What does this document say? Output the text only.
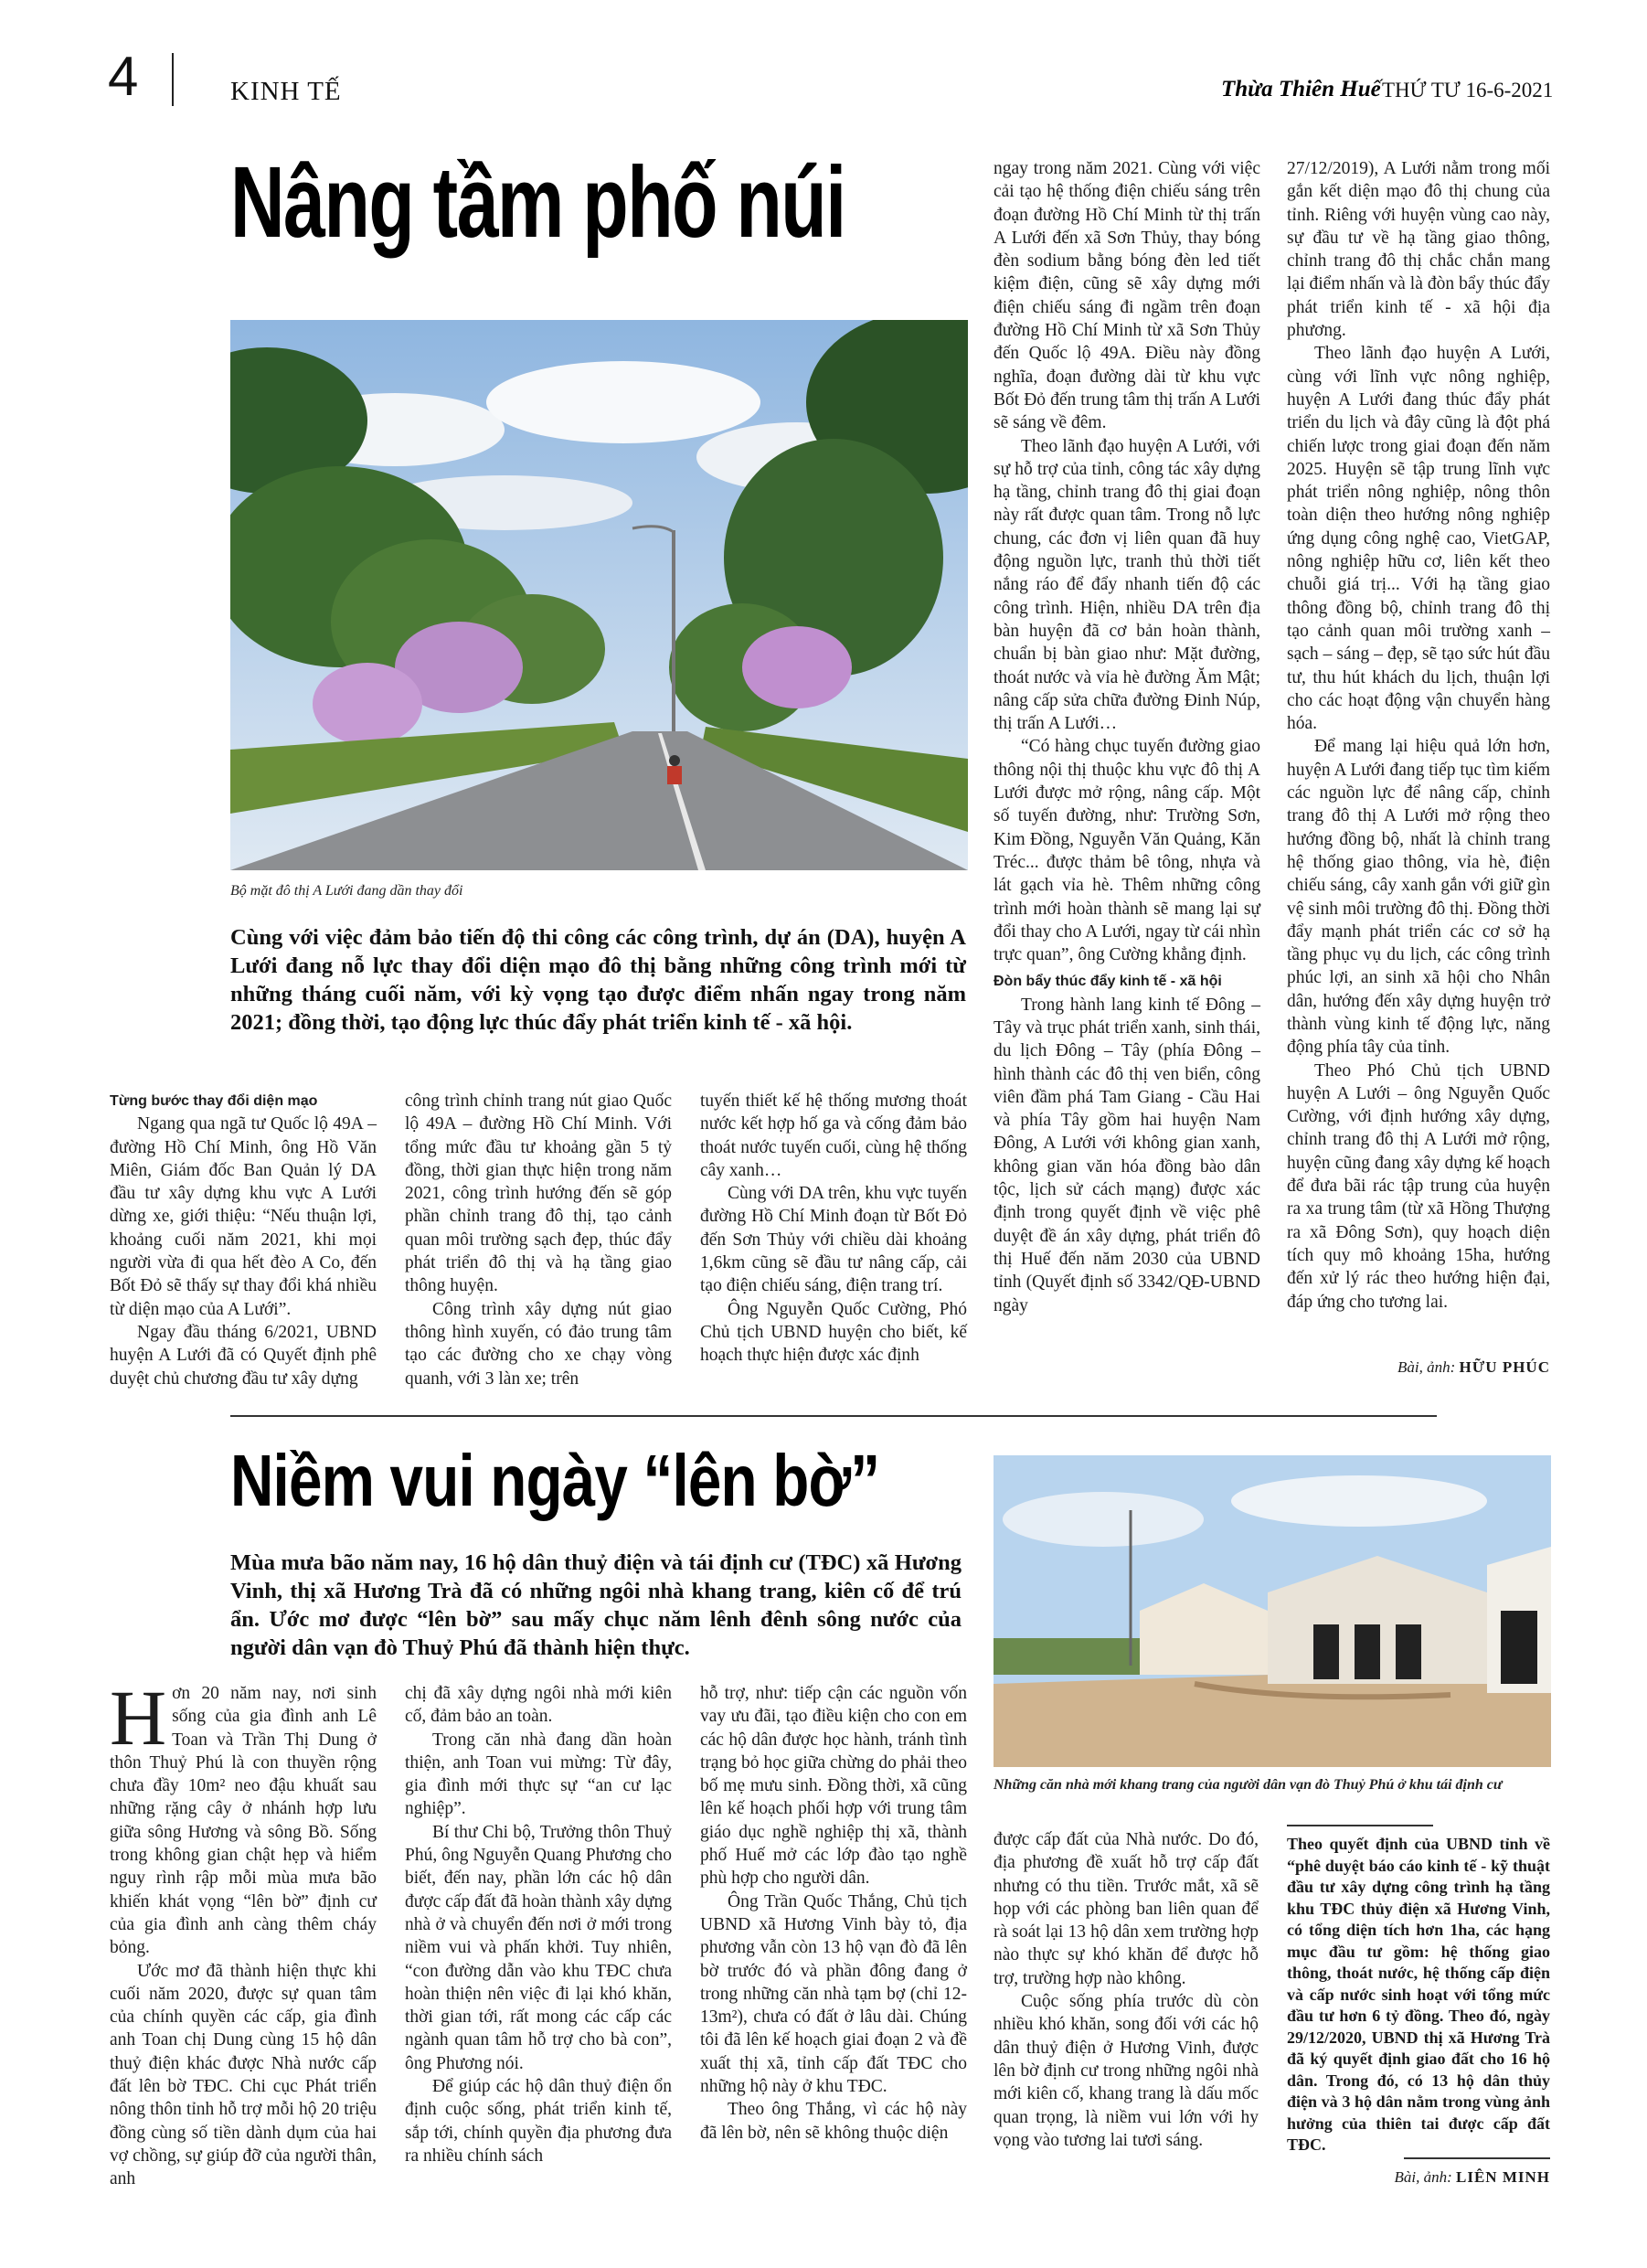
4	KINH TẾ	Thừa Thiên Huế THỨ TƯ 16-6-2021
Nâng tầm phố núi
Bộ mặt đô thị A Lưới đang dần thay đổi
Cùng với việc đảm bảo tiến độ thi công các công trình, dự án (DA), huyện A Lưới đang nỗ lực thay đổi diện mạo đô thị bằng những công trình mới từ những tháng cuối năm, với kỳ vọng tạo được điểm nhấn ngay trong năm 2021; đồng thời, tạo động lực thúc đẩy phát triển kinh tế - xã hội.

Từng bước thay đổi diện mạo

Ngang qua ngã tư Quốc lộ 49A – đường Hồ Chí Minh, ông Hồ Văn Miên, Giám đốc Ban Quản lý DA đầu tư xây dựng khu vực A Lưới dừng xe, giới thiệu: “Nếu thuận lợi, khoảng cuối năm 2021, khi mọi người vừa đi qua hết đèo A Co, đến Bốt Đỏ sẽ thấy sự thay đổi khá nhiều từ diện mạo của A Lưới”.

Ngay đầu tháng 6/2021, UBND huyện A Lưới đã có Quyết định phê duyệt chủ chương đầu tư xây dựng

công trình chỉnh trang nút giao Quốc lộ 49A – đường Hồ Chí Minh. Với tổng mức đầu tư khoảng gần 5 tỷ đồng, thời gian thực hiện trong năm 2021, công trình hướng đến sẽ góp phần chỉnh trang đô thị, tạo cảnh quan môi trường sạch đẹp, thúc đẩy phát triển đô thị và hạ tầng giao thông huyện.

Công trình xây dựng nút giao thông hình xuyến, có đảo trung tâm tạo các đường cho xe chạy vòng quanh, với 3 làn xe; trên

tuyến thiết kế hệ thống mương thoát nước kết hợp hố ga và cống đảm bảo thoát nước tuyến cuối, cùng hệ thống cây xanh…

Cùng với DA trên, khu vực tuyến đường Hồ Chí Minh đoạn từ Bốt Đỏ đến Sơn Thủy với chiều dài khoảng 1,6km cũng sẽ đầu tư nâng cấp, cải tạo điện chiếu sáng, điện trang trí.

Ông Nguyễn Quốc Cường, Phó Chủ tịch UBND huyện cho biết, kế hoạch thực hiện được xác định

ngay trong năm 2021. Cùng với việc cải tạo hệ thống điện chiếu sáng trên đoạn đường Hồ Chí Minh từ thị trấn A Lưới đến xã Sơn Thủy, thay bóng đèn sodium bằng bóng đèn led tiết kiệm điện, cũng sẽ xây dựng mới điện chiếu sáng đi ngầm trên đoạn đường Hồ Chí Minh từ xã Sơn Thủy đến Quốc lộ 49A. Điều này đồng nghĩa, đoạn đường dài từ khu vực Bốt Đỏ đến trung tâm thị trấn A Lưới sẽ sáng về đêm.

Theo lãnh đạo huyện A Lưới, với sự hỗ trợ của tỉnh, công tác xây dựng hạ tầng, chỉnh trang đô thị giai đoạn này rất được quan tâm. Trong nỗ lực chung, các đơn vị liên quan đã huy động nguồn lực, tranh thủ thời tiết nắng ráo để đẩy nhanh tiến độ các công trình. Hiện, nhiều DA trên địa bàn huyện đã cơ bản hoàn thành, chuẩn bị bàn giao như: Mặt đường, thoát nước và vỉa hè đường Ăm Mật; nâng cấp sửa chữa đường Đinh Núp, thị trấn A Lưới…

“Có hàng chục tuyến đường giao thông nội thị thuộc khu vực đô thị A Lưới được mở rộng, nâng cấp. Một số tuyến đường, như: Trường Sơn, Kim Đồng, Nguyễn Văn Quảng, Kăn Tréc... được thảm bê tông, nhựa và lát gạch vỉa hè. Thêm những công trình mới hoàn thành sẽ mang lại sự đổi thay cho A Lưới, ngay từ cái nhìn trực quan”, ông Cường khẳng định.

Đòn bẩy thúc đẩy kinh tế - xã hội

Trong hành lang kinh tế Đông – Tây và trục phát triển xanh, sinh thái, du lịch Đông – Tây (phía Đông – hình thành các đô thị ven biển, công viên đầm phá Tam Giang - Cầu Hai và phía Tây gồm hai huyện Nam Đông, A Lưới với không gian xanh, không gian văn hóa đồng bào dân tộc, lịch sử cách mạng) được xác định trong quyết định về việc phê duyệt đề án xây dựng, phát triển đô thị Huế đến năm 2030 của UBND tỉnh (Quyết định số 3342/QĐ-UBND ngày

27/12/2019), A Lưới nằm trong mối gắn kết diện mạo đô thị chung của tỉnh. Riêng với huyện vùng cao này, sự đầu tư về hạ tầng giao thông, chỉnh trang đô thị chắc chắn mang lại điểm nhấn và là đòn bẩy thúc đẩy phát triển kinh tế - xã hội địa phương.

Theo lãnh đạo huyện A Lưới, cùng với lĩnh vực nông nghiệp, huyện A Lưới đang thúc đẩy phát triển du lịch và đây cũng là đột phá chiến lược trong giai đoạn đến năm 2025. Huyện sẽ tập trung lĩnh vực phát triển nông nghiệp, nông thôn toàn diện theo hướng nông nghiệp ứng dụng công nghệ cao, VietGAP, nông nghiệp hữu cơ, liên kết theo chuỗi giá trị... Với hạ tầng giao thông đồng bộ, chỉnh trang đô thị tạo cảnh quan môi trường xanh – sạch – sáng – đẹp, sẽ tạo sức hút đầu tư, thu hút khách du lịch, thuận lợi cho các hoạt động vận chuyển hàng hóa.

Để mang lại hiệu quả lớn hơn, huyện A Lưới đang tiếp tục tìm kiếm các nguồn lực để nâng cấp, chỉnh trang đô thị A Lưới mở rộng theo hướng đồng bộ, nhất là chỉnh trang hệ thống giao thông, vỉa hè, điện chiếu sáng, cây xanh gắn với giữ gìn vệ sinh môi trường đô thị. Đồng thời đẩy mạnh phát triển các cơ sở hạ tầng phục vụ du lịch, các công trình phúc lợi, an sinh xã hội cho Nhân dân, hướng đến xây dựng huyện trở thành vùng kinh tế động lực, năng động phía tây của tỉnh.

Theo Phó Chủ tịch UBND huyện A Lưới – ông Nguyễn Quốc Cường, với định hướng xây dựng, chỉnh trang đô thị A Lưới mở rộng, huyện cũng đang xây dựng kế hoạch để đưa bãi rác tập trung của huyện ra xa trung tâm (từ xã Hồng Thượng ra xã Đông Sơn), quy hoạch diện tích quy mô khoảng 15ha, hướng đến xử lý rác theo hướng hiện đại, đáp ứng cho tương lai.

Bài, ảnh: HỮU PHÚC
Niềm vui ngày “lên bờ”
Mùa mưa bão năm nay, 16 hộ dân thuỷ điện và tái định cư (TĐC) xã Hương Vinh, thị xã Hương Trà đã có những ngôi nhà khang trang, kiên cố để trú ẩn. Ước mơ được “lên bờ” sau mấy chục năm lênh đênh sông nước của người dân vạn đò Thuỷ Phú đã thành hiện thực.
Những căn nhà mới khang trang của người dân vạn đò Thuỷ Phú ở khu tái định cư

Hơn 20 năm nay, nơi sinh sống của gia đình anh Lê Toan và Trần Thị Dung ở thôn Thuỷ Phú là con thuyền rộng chưa đầy 10m² neo đậu khuất sau những rặng cây ở nhánh hợp lưu giữa sông Hương và sông Bồ. Sống trong không gian chật hẹp và hiểm nguy rình rập mỗi mùa mưa bão khiến khát vọng “lên bờ” định cư của gia đình anh càng thêm cháy bỏng.

Ước mơ đã thành hiện thực khi cuối năm 2020, được sự quan tâm của chính quyền các cấp, gia đình anh Toan chị Dung cùng 15 hộ dân thuỷ điện khác được Nhà nước cấp đất lên bờ TĐC. Chi cục Phát triển nông thôn tỉnh hỗ trợ mỗi hộ 20 triệu đồng cùng số tiền dành dụm của hai vợ chồng, sự giúp đỡ của người thân, anh

chị đã xây dựng ngôi nhà mới kiên cố, đảm bảo an toàn.

Trong căn nhà đang dần hoàn thiện, anh Toan vui mừng: Từ đây, gia đình mới thực sự “an cư lạc nghiệp”.

Bí thư Chi bộ, Trưởng thôn Thuỷ Phú, ông Nguyễn Quang Phương cho biết, đến nay, phần lớn các hộ dân được cấp đất đã hoàn thành xây dựng nhà ở và chuyển đến nơi ở mới trong niềm vui và phấn khởi. Tuy nhiên, “con đường dẫn vào khu TĐC chưa hoàn thiện nên việc đi lại khó khăn, thời gian tới, rất mong các cấp các ngành quan tâm hỗ trợ cho bà con”, ông Phương nói.

Để giúp các hộ dân thuỷ điện ổn định cuộc sống, phát triển kinh tế, sắp tới, chính quyền địa phương đưa ra nhiều chính sách

hỗ trợ, như: tiếp cận các nguồn vốn vay ưu đãi, tạo điều kiện cho con em các hộ dân được học hành, tránh tình trạng bỏ học giữa chừng do phải theo bố mẹ mưu sinh. Đồng thời, xã cũng lên kế hoạch phối hợp với trung tâm giáo dục nghề nghiệp thị xã, thành phố Huế mở các lớp đào tạo nghề phù hợp cho người dân.

Ông Trần Quốc Thắng, Chủ tịch UBND xã Hương Vinh bày tỏ, địa phương vẫn còn 13 hộ vạn đò đã lên bờ trước đó và phần đông đang ở trong những căn nhà tạm bợ (chỉ 12-13m²), chưa có đất ở lâu dài. Chúng tôi đã lên kế hoạch giai đoạn 2 và đề xuất thị xã, tỉnh cấp đất TĐC cho những hộ này ở khu TĐC.

Theo ông Thắng, vì các hộ này đã lên bờ, nên sẽ không thuộc diện

được cấp đất của Nhà nước. Do đó, địa phương đề xuất hỗ trợ cấp đất nhưng có thu tiền. Trước mắt, xã sẽ họp với các phòng ban liên quan để rà soát lại 13 hộ dân xem trường hợp nào thực sự khó khăn để được hỗ trợ, trường hợp nào không.

Cuộc sống phía trước dù còn nhiều khó khăn, song đối với các hộ dân thuỷ điện ở Hương Vinh, được lên bờ định cư trong những ngôi nhà mới kiên cố, khang trang là dấu mốc quan trọng, là niềm vui lớn với hy vọng vào tương lai tươi sáng.

Theo quyết định của UBND tỉnh về “phê duyệt báo cáo kinh tế - kỹ thuật đầu tư xây dựng công trình hạ tầng khu TĐC thủy điện xã Hương Vinh, có tổng diện tích hơn 1ha, các hạng mục đầu tư gồm: hệ thống giao thông, thoát nước, hệ thống cấp điện và cấp nước sinh hoạt với tổng mức đầu tư hơn 6 tỷ đồng. Theo đó, ngày 29/12/2020, UBND thị xã Hương Trà đã ký quyết định giao đất cho 16 hộ dân. Trong đó, có 13 hộ dân thủy điện và 3 hộ dân nằm trong vùng ảnh hưởng của thiên tai được cấp đất TĐC.
Bài, ảnh: LIÊN MINH
